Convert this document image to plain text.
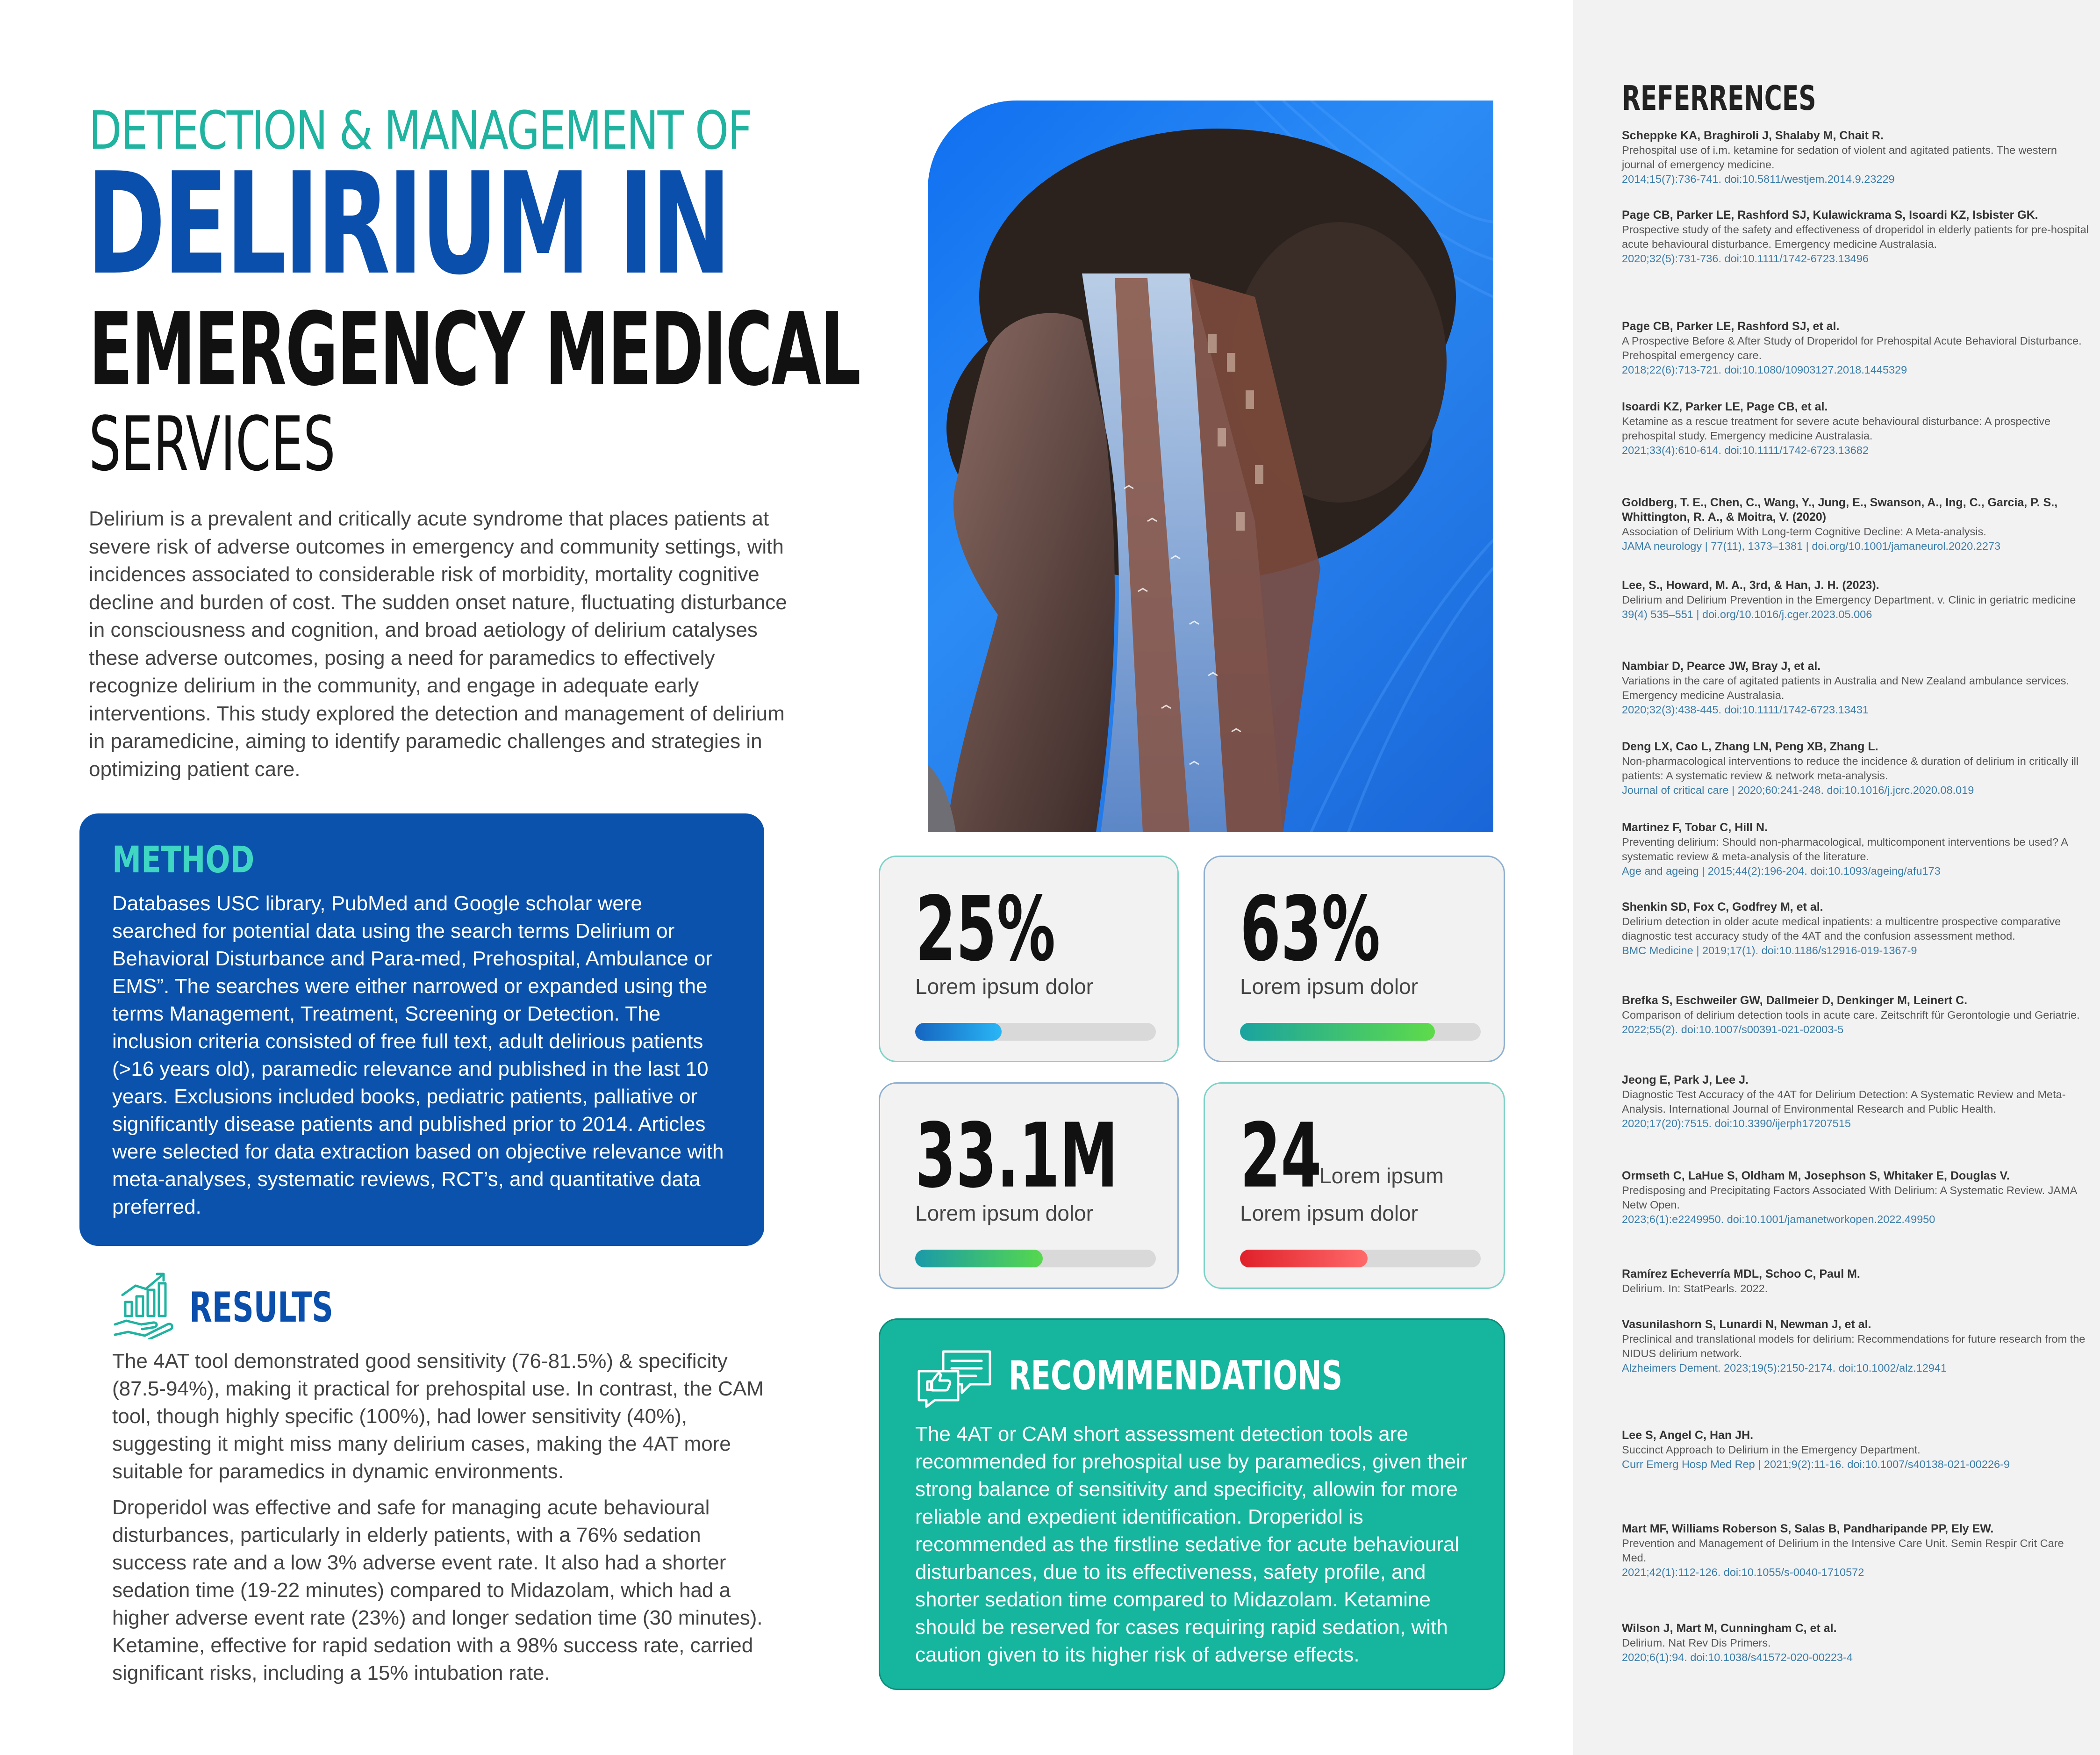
DETECTION & MANAGEMENT OF
DELIRIUM IN
EMERGENCY MEDICAL
SERVICES

Delirium is a prevalent and critically acute syndrome that places patients at severe risk of adverse outcomes in emergency and community settings, with incidences associated to considerable risk of morbidity, mortality cognitive decline and burden of cost. The sudden onset nature, fluctuating disturbance in consciousness and cognition, and broad aetiology of delirium catalyses these adverse outcomes, posing a need for paramedics to effectively recognize delirium in the community, and engage in adequate early interventions. This study explored the detection and management of delirium in paramedicine, aiming to identify paramedic challenges and strategies in optimizing patient care.

METHOD

Databases USC library, PubMed and Google scholar were searched for potential data using the search terms Delirium or Behavioral Disturbance and Para-med, Prehospital, Ambulance or EMS”. The searches were either narrowed or expanded using the terms Management, Treatment, Screening or Detection. The inclusion criteria consisted of free full text, adult delirious patients (>16 years old), paramedic relevance and published in the last 10 years. Exclusions included books, pediatric patients, palliative or significantly disease patients and published prior to 2014. Articles were selected for data extraction based on objective relevance with meta-analyses, systematic reviews, RCT’s, and quantitative data preferred.

RESULTS

The 4AT tool demonstrated good sensitivity (76-81.5%) & specificity (87.5-94%), making it practical for prehospital use. In contrast, the CAM tool, though highly specific (100%), had lower sensitivity (40%), suggesting it might miss many delirium cases, making the 4AT more suitable for paramedics in dynamic environments.

Droperidol was effective and safe for managing acute behavioural disturbances, particularly in elderly patients, with a 76% sedation success rate and a low 3% adverse event rate. It also had a shorter sedation time (19-22 minutes) compared to Midazolam, which had a higher adverse event rate (23%) and longer sedation time (30 minutes). Ketamine, effective for rapid sedation with a 98% success rate, carried significant risks, including a 15% intubation rate.

25%
Lorem ipsum dolor
63%
Lorem ipsum dolor
33.1M
Lorem ipsum dolor
24
Lorem ipsum
Lorem ipsum dolor
RECOMMENDATIONS

The 4AT or CAM short assessment detection tools are recommended for prehospital use by paramedics, given their strong balance of sensitivity and specificity, allowin for more reliable and expedient identification. Droperidol is recommended as the firstline sedative for acute behavioural disturbances, due to its effectiveness, safety profile, and shorter sedation time compared to Midazolam. Ketamine should be reserved for cases requiring rapid sedation, with caution given to its higher risk of adverse effects.

REFERRENCES
Scheppke KA, Braghiroli J, Shalaby M, Chait R.
Prehospital use of i.m. ketamine for sedation of violent and agitated patients. The western journal of emergency medicine.
2014;15(7):736-741. doi:10.5811/westjem.2014.9.23229
Page CB, Parker LE, Rashford SJ, Kulawickrama S, Isoardi KZ, Isbister GK.
Prospective study of the safety and effectiveness of droperidol in elderly patients for pre-hospital acute behavioural disturbance. Emergency medicine Australasia.
2020;32(5):731-736. doi:10.1111/1742-6723.13496
Page CB, Parker LE, Rashford SJ, et al.
A Prospective Before & After Study of Droperidol for Prehospital Acute Behavioral Disturbance. Prehospital emergency care.
2018;22(6):713-721. doi:10.1080/10903127.2018.1445329
Isoardi KZ, Parker LE, Page CB, et al.
Ketamine as a rescue treatment for severe acute behavioural disturbance: A prospective prehospital study. Emergency medicine Australasia.
2021;33(4):610-614. doi:10.1111/1742-6723.13682
Goldberg, T. E., Chen, C., Wang, Y., Jung, E., Swanson, A., Ing, C., Garcia, P. S., Whittington, R. A., & Moitra, V. (2020)
Association of Delirium With Long-term Cognitive Decline: A Meta-analysis.
JAMA neurology | 77(11), 1373–1381 | doi.org/10.1001/jamaneurol.2020.2273
Lee, S., Howard, M. A., 3rd, & Han, J. H. (2023).
Delirium and Delirium Prevention in the Emergency Department. v. Clinic in geriatric medicine
39(4) 535–551 | doi.org/10.1016/j.cger.2023.05.006
Nambiar D, Pearce JW, Bray J, et al.
Variations in the care of agitated patients in Australia and New Zealand ambulance services. Emergency medicine Australasia.
2020;32(3):438-445. doi:10.1111/1742-6723.13431
Deng LX, Cao L, Zhang LN, Peng XB, Zhang L.
Non-pharmacological interventions to reduce the incidence & duration of delirium in critically ill patients: A systematic review & network meta-analysis.
Journal of critical care | 2020;60:241-248. doi:10.1016/j.jcrc.2020.08.019
Martinez F, Tobar C, Hill N.
Preventing delirium: Should non-pharmacological, multicomponent interventions be used? A systematic review & meta-analysis of the literature.
Age and ageing | 2015;44(2):196-204. doi:10.1093/ageing/afu173
Shenkin SD, Fox C, Godfrey M, et al.
Delirium detection in older acute medical inpatients: a multicentre prospective comparative diagnostic test accuracy study of the 4AT and the confusion assessment method.
BMC Medicine | 2019;17(1). doi:10.1186/s12916-019-1367-9
Brefka S, Eschweiler GW, Dallmeier D, Denkinger M, Leinert C.
Comparison of delirium detection tools in acute care. Zeitschrift für Gerontologie und Geriatrie.
2022;55(2). doi:10.1007/s00391-021-02003-5
Jeong E, Park J, Lee J.
Diagnostic Test Accuracy of the 4AT for Delirium Detection: A Systematic Review and Meta-Analysis. International Journal of Environmental Research and Public Health.
2020;17(20):7515. doi:10.3390/ijerph17207515
Ormseth C, LaHue S, Oldham M, Josephson S, Whitaker E, Douglas V.
Predisposing and Precipitating Factors Associated With Delirium: A Systematic Review. JAMA Netw Open.
2023;6(1):e2249950. doi:10.1001/jamanetworkopen.2022.49950
Ramírez Echeverría MDL, Schoo C, Paul M.
Delirium. In: StatPearls. 2022.
Vasunilashorn S, Lunardi N, Newman J, et al.
Preclinical and translational models for delirium: Recommendations for future research from the NIDUS delirium network.
Alzheimers Dement. 2023;19(5):2150-2174. doi:10.1002/alz.12941
Lee S, Angel C, Han JH.
Succinct Approach to Delirium in the Emergency Department.
Curr Emerg Hosp Med Rep | 2021;9(2):11-16. doi:10.1007/s40138-021-00226-9
Mart MF, Williams Roberson S, Salas B, Pandharipande PP, Ely EW.
Prevention and Management of Delirium in the Intensive Care Unit. Semin Respir Crit Care Med.
2021;42(1):112-126. doi:10.1055/s-0040-1710572
Wilson J, Mart M, Cunningham C, et al.
Delirium. Nat Rev Dis Primers.
2020;6(1):94. doi:10.1038/s41572-020-00223-4
